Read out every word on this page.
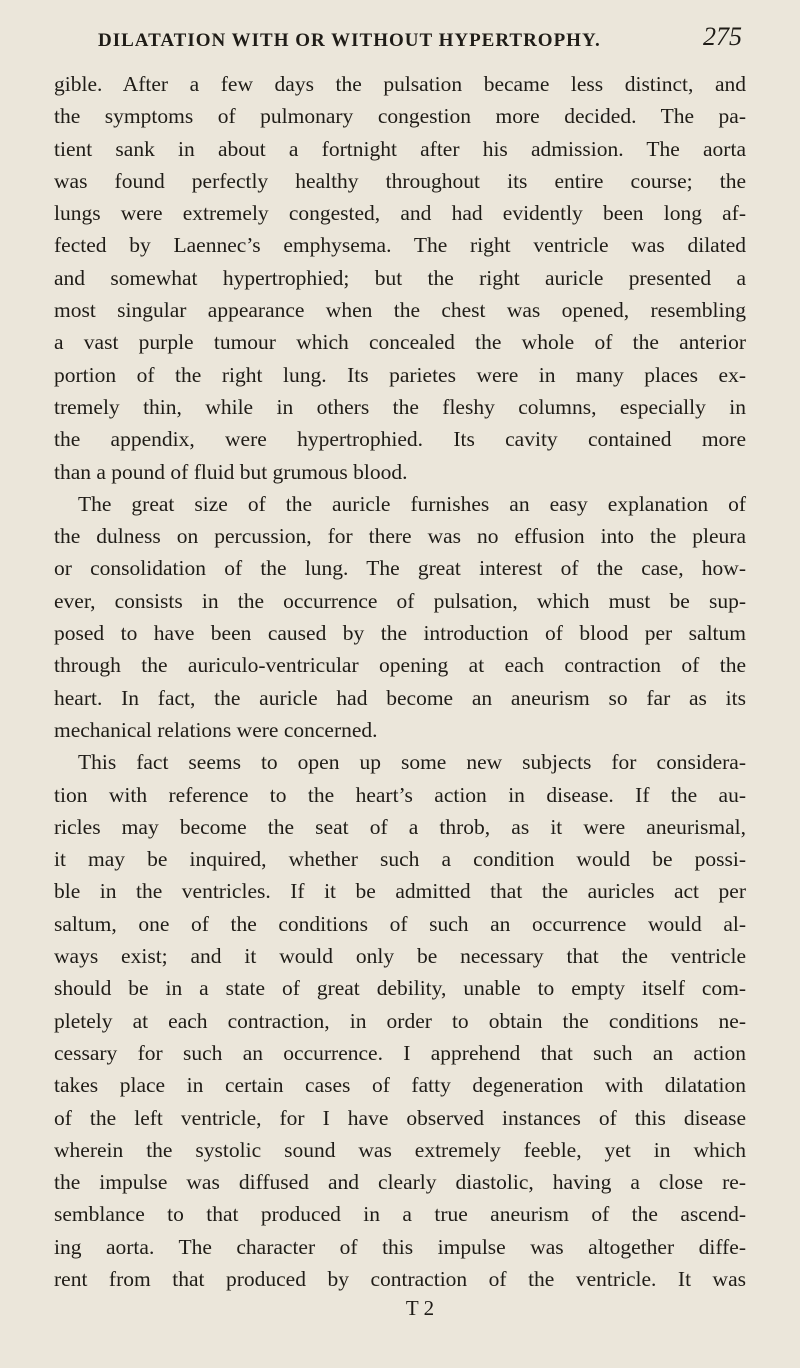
DILATATION WITH OR WITHOUT HYPERTROPHY.	275
gible. After a few days the pulsation became less distinct, and
the symptoms of pulmonary congestion more decided. The pa-
tient sank in about a fortnight after his admission. The aorta
was found perfectly healthy throughout its entire course; the
lungs were extremely congested, and had evidently been long af-
fected by Laennec’s emphysema. The right ventricle was dilated
and somewhat hypertrophied; but the right auricle presented a
most singular appearance when the chest was opened, resembling
a vast purple tumour which concealed the whole of the anterior
portion of the right lung. Its parietes were in many places ex-
tremely thin, while in others the fleshy columns, especially in
the appendix, were hypertrophied. Its cavity contained more
than a pound of fluid but grumous blood.
The great size of the auricle furnishes an easy explanation of
the dulness on percussion, for there was no effusion into the pleura
or consolidation of the lung. The great interest of the case, how-
ever, consists in the occurrence of pulsation, which must be sup-
posed to have been caused by the introduction of blood per saltum
through the auriculo-ventricular opening at each contraction of the
heart. In fact, the auricle had become an aneurism so far as its
mechanical relations were concerned.
This fact seems to open up some new subjects for considera-
tion with reference to the heart’s action in disease. If the au-
ricles may become the seat of a throb, as it were aneurismal,
it may be inquired, whether such a condition would be possi-
ble in the ventricles. If it be admitted that the auricles act per
saltum, one of the conditions of such an occurrence would al-
ways exist; and it would only be necessary that the ventricle
should be in a state of great debility, unable to empty itself com-
pletely at each contraction, in order to obtain the conditions ne-
cessary for such an occurrence. I apprehend that such an action
takes place in certain cases of fatty degeneration with dilatation
of the left ventricle, for I have observed instances of this disease
wherein the systolic sound was extremely feeble, yet in which
the impulse was diffused and clearly diastolic, having a close re-
semblance to that produced in a true aneurism of the ascend-
ing aorta. The character of this impulse was altogether diffe-
rent from that produced by contraction of the ventricle. It was
T 2
